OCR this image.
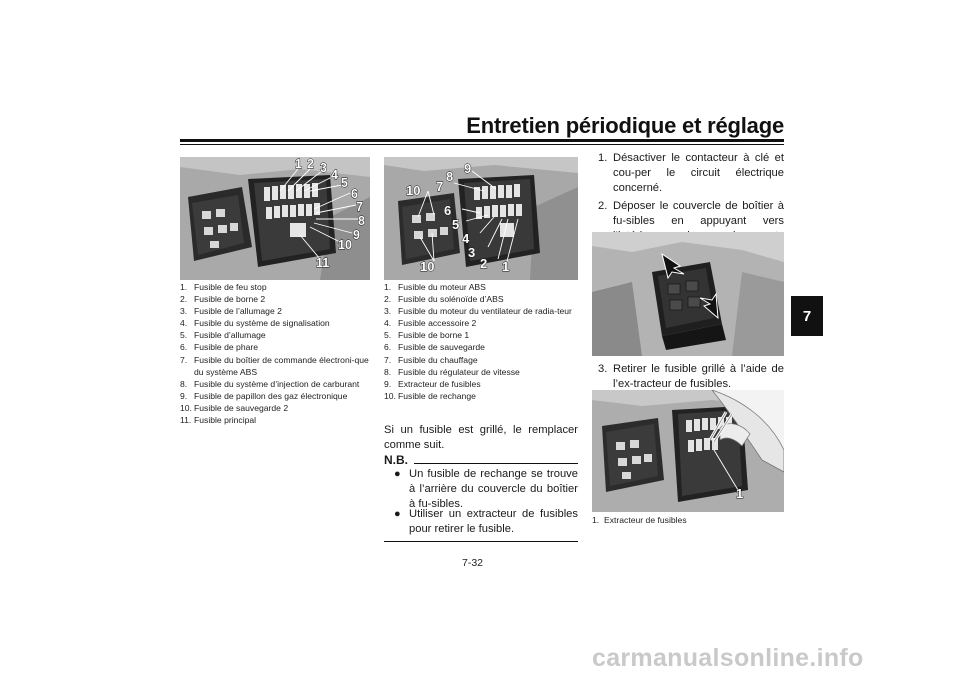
Entretien périodique et réglage
7
1 2 3 4
5
6
7
8
9
10
11
1. Fusible de feu stop
2. Fusible de borne 2
3. Fusible de l’allumage 2
4. Fusible du système de signalisation
5. Fusible d’allumage
6. Fusible de phare
7. Fusible du boîtier de commande électroni-que du système ABS
8. Fusible du système d’injection de carburant
9. Fusible de papillon des gaz électronique
10. Fusible de sauvegarde 2
11. Fusible principal
9
8
7
10
6
5
4
3
2 1
10
1. Fusible du moteur ABS
2. Fusible du solénoïde d’ABS
3. Fusible du moteur du ventilateur de radia-teur
4. Fusible accessoire 2
5. Fusible de borne 1
6. Fusible de sauvegarde
7. Fusible du chauffage
8. Fusible du régulateur de vitesse
9. Extracteur de fusibles
10. Fusible de rechange
Si un fusible est grillé, le remplacer comme suit.
N.B.
● Un fusible de rechange se trouve à l’arrière du couvercle du boîtier à fu-sibles.
● Utiliser un extracteur de fusibles pour retirer le fusible.
1. Désactiver le contacteur à clé et cou-per le circuit électrique concerné.
2. Déposer le couvercle de boîtier à fu-sibles en appuyant vers
3. Retirer le fusible grillé à l’aide de l’ex-tracteur de fusibles.
1
1. Extracteur de fusibles
7-32
carmanualsonline.info
